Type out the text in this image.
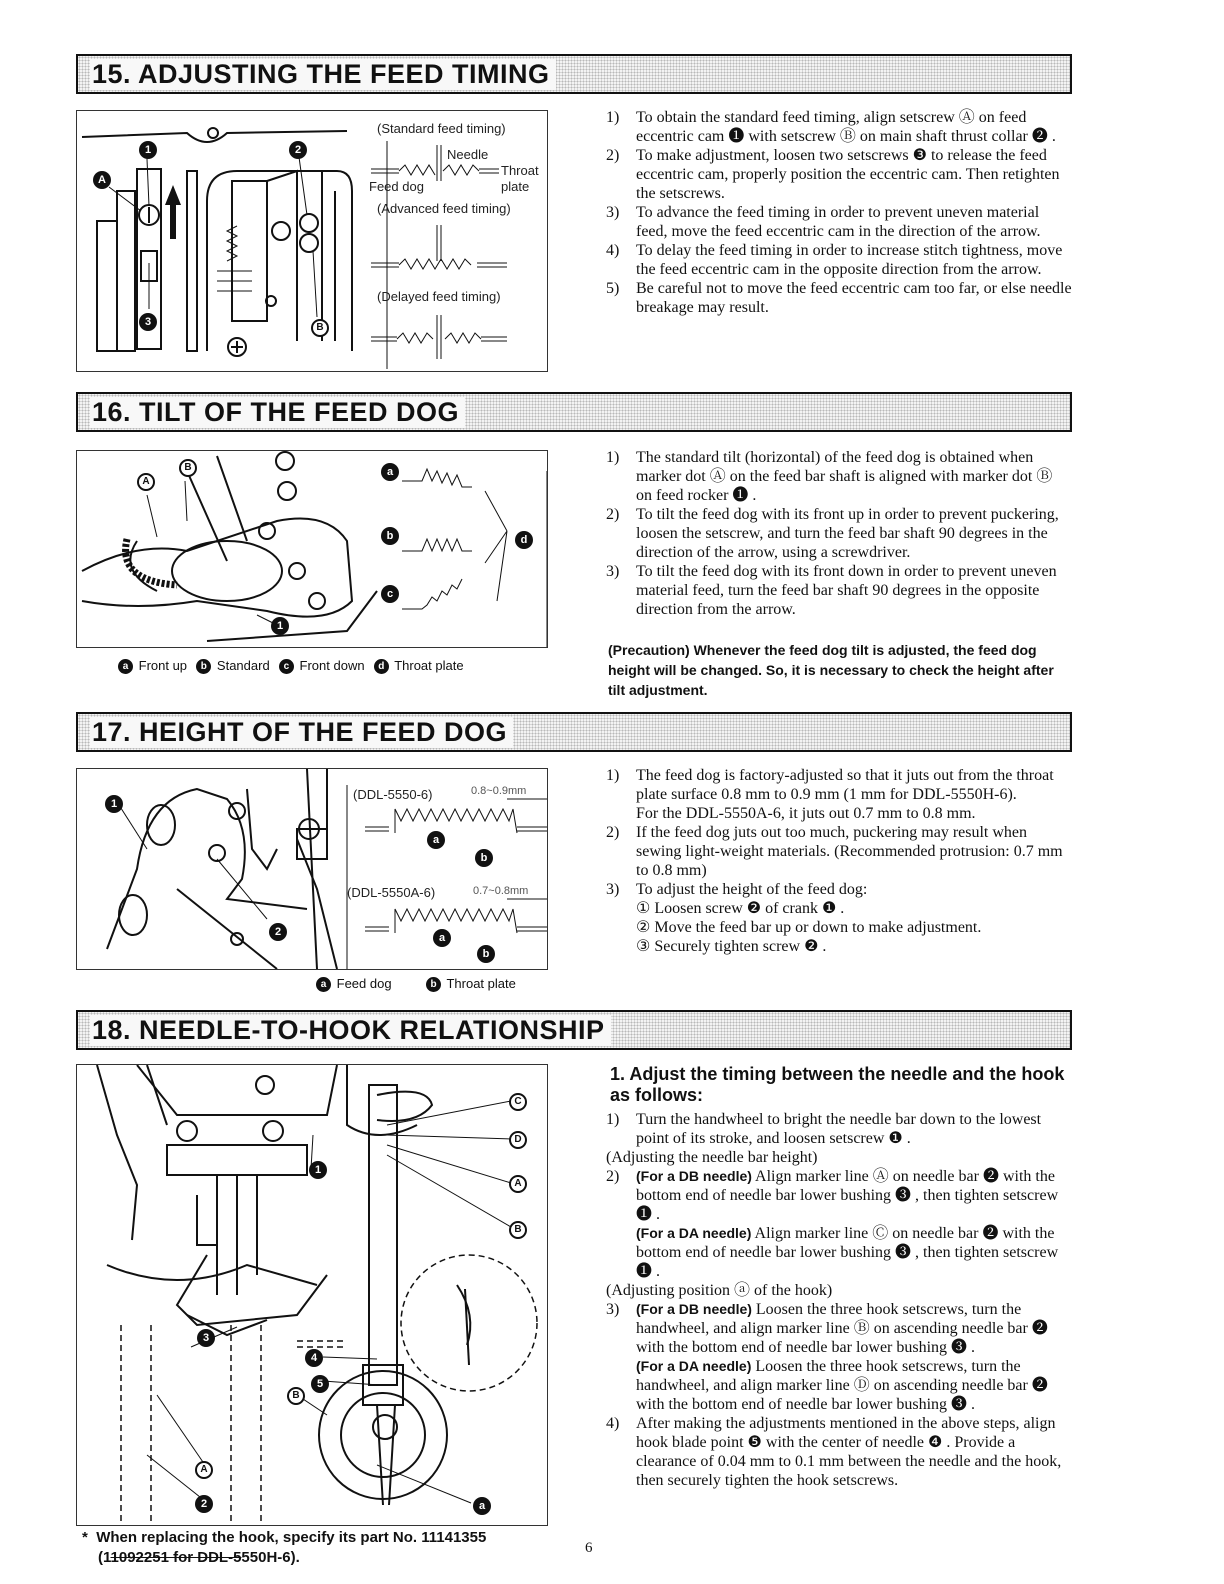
15. ADJUSTING THE FEED TIMING
(Standard feed timing)
Needle
Throat
plate
Feed dog
(Advanced feed timing)
(Delayed feed timing)
1	2
A
3	B
1) To obtain the standard feed timing, align setscrew Ⓐ on feed eccentric cam ❶ with setscrew Ⓑ on main shaft thrust collar ❷ .
2) To make adjustment, loosen two setscrews ❸ to release the feed eccentric cam, properly position the eccentric cam. Then retighten the setscrews.
3) To advance the feed timing in order to prevent uneven material feed, move the feed eccentric cam in the direction of the arrow.
4) To delay the feed timing in order to increase stitch tightness, move the feed eccentric cam in the opposite direction from the arrow.
5) Be careful not to move the feed eccentric cam too far, or else needle breakage may result.
16. TILT OF THE FEED DOG
a
b
c
d
A
B
1
a Front up b Standard c Front down d Throat plate
1) The standard tilt (horizontal) of the feed dog is obtained when marker dot Ⓐ on the feed bar shaft is aligned with marker dot Ⓑ on feed rocker ❶ .
2) To tilt the feed dog with its front up in order to prevent puckering, loosen the setscrew, and turn the feed bar shaft 90 degrees in the direction of the arrow, using a screwdriver.
3) To tilt the feed dog with its front down in order to prevent uneven material feed, turn the feed bar shaft 90 degrees in the opposite direction from the arrow.
(Precaution) Whenever the feed dog tilt is adjusted, the feed dog height will be changed. So, it is necessary to check the height after tilt adjustment.
17. HEIGHT OF THE FEED DOG
(DDL-5550-6)	0.8~0.9mm
(DDL-5550A-6)	0.7~0.8mm
1
2
a
b
a
b
a Feed dog	b Throat plate
1) The feed dog is factory-adjusted so that it juts out from the throat plate surface 0.8 mm to 0.9 mm (1 mm for DDL-5550H-6).
For the DDL-5550A-6, it juts out 0.7 mm to 0.8 mm.
2) If the feed dog juts out too much, puckering may result when sewing light-weight materials. (Recommended protrusion: 0.7 mm to 0.8 mm)
3) To adjust the height of the feed dog:
① Loosen screw ❷ of crank ❶ .
② Move the feed bar up or down to make adjustment.
③ Securely tighten screw ❷ .
18. NEEDLE-TO-HOOK RELATIONSHIP
C
D
A
B
1
3
4
5
B
A
2	a
1. Adjust the timing between the needle and the hook as follows:
1) Turn the handwheel to bright the needle bar down to the lowest point of its stroke, and loosen setscrew ❶ .
(Adjusting the needle bar height)
2) (For a DB needle) Align marker line Ⓐ on needle bar ❷ with the bottom end of needle bar lower bushing ❸ , then tighten setscrew ❶ .
(For a DA needle) Align marker line Ⓒ on needle bar ❷ with the bottom end of needle bar lower bushing ❸ , then tighten setscrew ❶ .
(Adjusting position ⓐ of the hook)
3) (For a DB needle) Loosen the three hook setscrews, turn the handwheel, and align marker line Ⓑ on ascending needle bar ❷ with the bottom end of needle bar lower bushing ❸ .
(For a DA needle) Loosen the three hook setscrews, turn the handwheel, and align marker line Ⓓ on ascending needle bar ❷ with the bottom end of needle bar lower bushing ❸ .
4) After making the adjustments mentioned in the above steps, align hook blade point ❺ with the center of needle ❹ . Provide a clearance of 0.04 mm to 0.1 mm between the needle and the hook, then securely tighten the hook setscrews.
* When replacing the hook, specify its part No. 11141355
(11092251 for DDL-5550H-6).
6
